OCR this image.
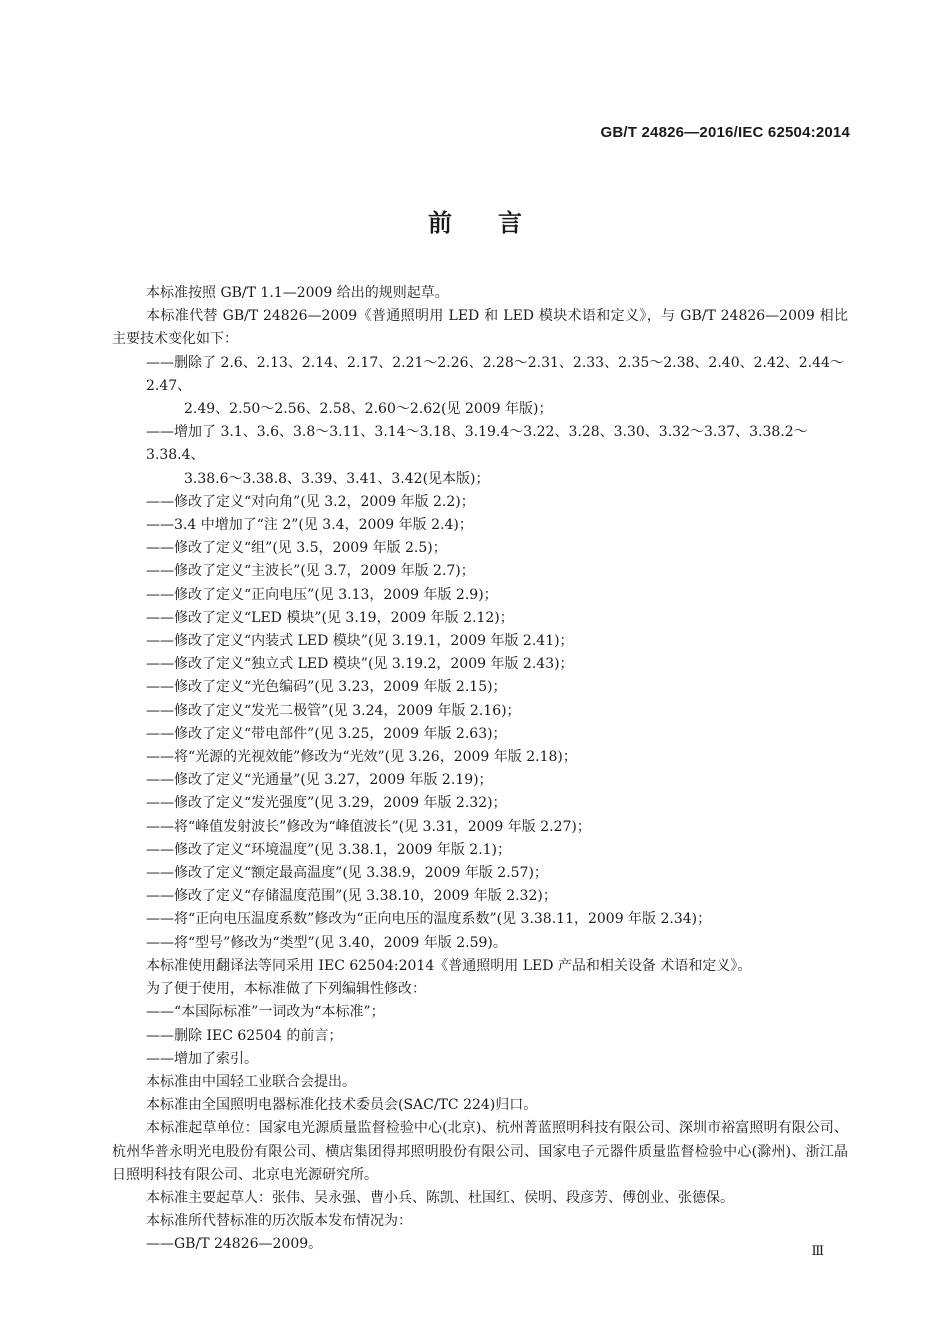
GB/T 24826—2016/IEC 62504:2014
前言
本标准按照 GB/T 1.1—2009 给出的规则起草。
本标准代替 GB/T 24826—2009《普通照明用 LED 和 LED 模块术语和定义》，与 GB/T 24826—2009 相比主要技术变化如下：
——删除了 2.6、2.13、2.14、2.17、2.21～2.26、2.28～2.31、2.33、2.35～2.38、2.40、2.42、2.44～2.47、
2.49、2.50～2.56、2.58、2.60～2.62(见 2009 年版)；
——增加了 3.1、3.6、3.8～3.11、3.14～3.18、3.19.4～3.22、3.28、3.30、3.32～3.37、3.38.2～3.38.4、
3.38.6～3.38.8、3.39、3.41、3.42(见本版)；
——修改了定义“对向角”(见 3.2，2009 年版 2.2)；
——3.4 中增加了“注 2”(见 3.4，2009 年版 2.4)；
——修改了定义“组”(见 3.5，2009 年版 2.5)；
——修改了定义“主波长”(见 3.7，2009 年版 2.7)；
——修改了定义“正向电压”(见 3.13，2009 年版 2.9)；
——修改了定义“LED 模块”(见 3.19，2009 年版 2.12)；
——修改了定义“内装式 LED 模块”(见 3.19.1，2009 年版 2.41)；
——修改了定义“独立式 LED 模块”(见 3.19.2，2009 年版 2.43)；
——修改了定义“光色编码”(见 3.23，2009 年版 2.15)；
——修改了定义“发光二极管”(见 3.24，2009 年版 2.16)；
——修改了定义“带电部件”(见 3.25，2009 年版 2.63)；
——将“光源的光视效能”修改为“光效”(见 3.26，2009 年版 2.18)；
——修改了定义“光通量”(见 3.27，2009 年版 2.19)；
——修改了定义“发光强度”(见 3.29，2009 年版 2.32)；
——将“峰值发射波长”修改为“峰值波长”(见 3.31，2009 年版 2.27)；
——修改了定义“环境温度”(见 3.38.1，2009 年版 2.1)；
——修改了定义“额定最高温度”(见 3.38.9，2009 年版 2.57)；
——修改了定义“存储温度范围”(见 3.38.10，2009 年版 2.32)；
——将“正向电压温度系数”修改为“正向电压的温度系数”(见 3.38.11，2009 年版 2.34)；
——将“型号”修改为“类型”(见 3.40，2009 年版 2.59)。
本标准使用翻译法等同采用 IEC 62504:2014《普通照明用 LED 产品和相关设备 术语和定义》。
为了便于使用，本标准做了下列编辑性修改：
——“本国际标准”一词改为“本标准”；
——删除 IEC 62504 的前言；
——增加了索引。
本标准由中国轻工业联合会提出。
本标准由全国照明电器标准化技术委员会(SAC/TC 224)归口。
本标准起草单位：国家电光源质量监督检验中心(北京)、杭州菁蓝照明科技有限公司、深圳市裕富照明有限公司、杭州华普永明光电股份有限公司、横店集团得邦照明股份有限公司、国家电子元器件质量监督检验中心(滁州)、浙江晶日照明科技有限公司、北京电光源研究所。
本标准主要起草人：张伟、吴永强、曹小兵、陈凯、杜国红、侯明、段彦芳、傅创业、张德保。
本标准所代替标准的历次版本发布情况为：
——GB/T 24826—2009。	Ⅲ
